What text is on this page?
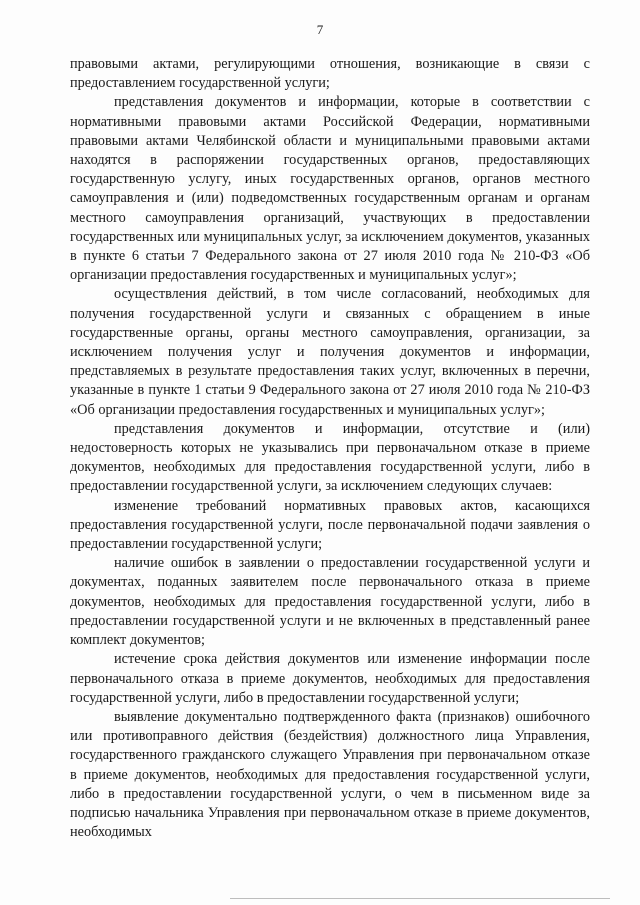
7

правовыми актами, регулирующими отношения, возникающие в связи с предоставлением государственной услуги;

представления документов и информации, которые в соответствии с нормативными правовыми актами Российской Федерации, нормативными правовыми актами Челябинской области и муниципальными правовыми актами находятся в распоряжении государственных органов, предоставляющих государственную услугу, иных государственных органов, органов местного самоуправления и (или) подведомственных государственным органам и органам местного самоуправления организаций, участвующих в предоставлении государственных или муниципальных услуг, за исключением документов, указанных в пункте 6 статьи 7 Федерального закона от 27 июля 2010 года № 210-ФЗ «Об организации предоставления государственных и муниципальных услуг»;

осуществления действий, в том числе согласований, необходимых для получения государственной услуги и связанных с обращением в иные государственные органы, органы местного самоуправления, организации, за исключением получения услуг и получения документов и информации, представляемых в результате предоставления таких услуг, включенных в перечни, указанные в пункте 1 статьи 9 Федерального закона от 27 июля 2010 года № 210-ФЗ «Об организации предоставления государственных и муниципальных услуг»;

представления документов и информации, отсутствие и (или) недостоверность которых не указывались при первоначальном отказе в приеме документов, необходимых для предоставления государственной услуги, либо в предоставлении государственной услуги, за исключением следующих случаев:

изменение требований нормативных правовых актов, касающихся предоставления государственной услуги, после первоначальной подачи заявления о предоставлении государственной услуги;

наличие ошибок в заявлении о предоставлении государственной услуги и документах, поданных заявителем после первоначального отказа в приеме документов, необходимых для предоставления государственной услуги, либо в предоставлении государственной услуги и не включенных в представленный ранее комплект документов;

истечение срока действия документов или изменение информации после первоначального отказа в приеме документов, необходимых для предоставления государственной услуги, либо в предоставлении государственной услуги;

выявление документально подтвержденного факта (признаков) ошибочного или противоправного действия (бездействия) должностного лица Управления, государственного гражданского служащего Управления при первоначальном отказе в приеме документов, необходимых для предоставления государственной услуги, либо в предоставлении государственной услуги, о чем в письменном виде за подписью начальника Управления при первоначальном отказе в приеме документов, необходимых
